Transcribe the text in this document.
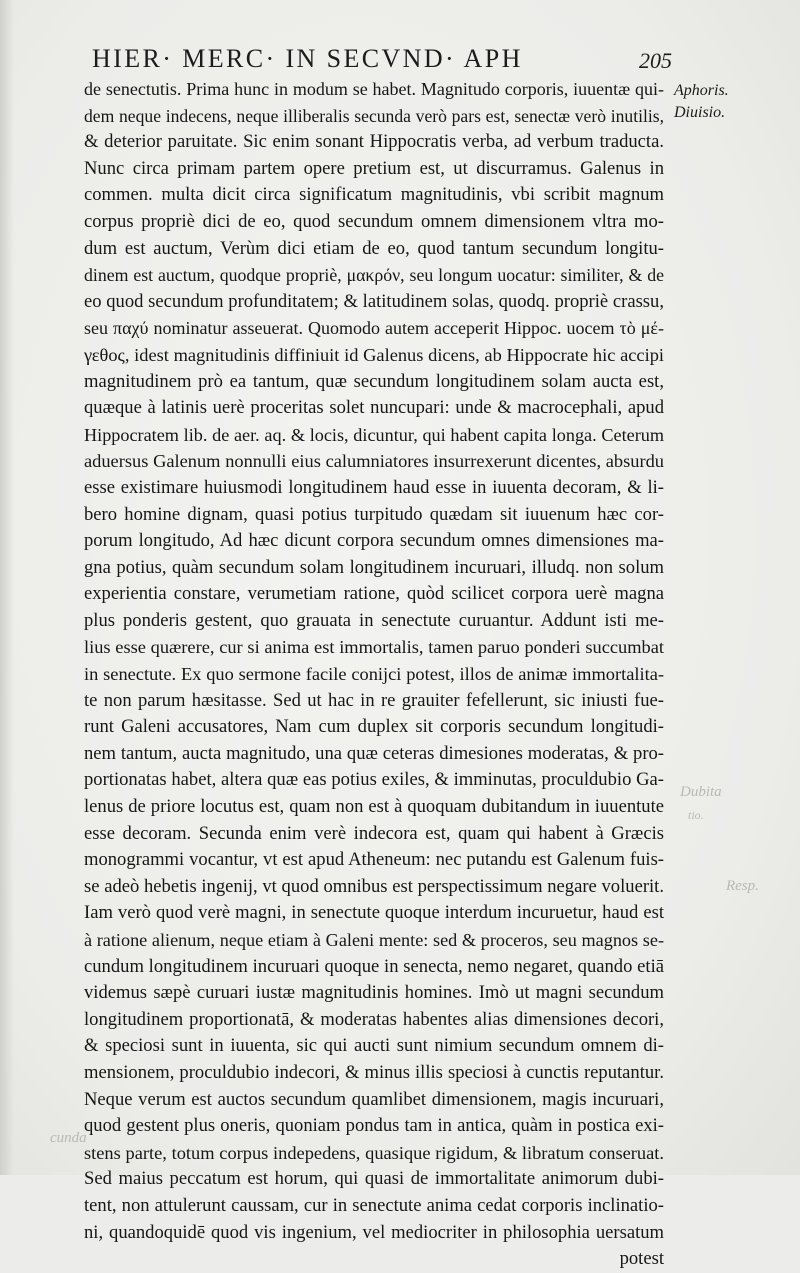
HIER· MERC· IN SECVND· APH	205
Aphoris.
Diuisio.
Dubita
tio.
Resp.
cunda
de senectutis. Prima hunc in modum se habet. Magnitudo corporis, iuuentæ qui-
dem neque indecens, neque illiberalis secunda verò pars est, senectæ verò inutilis,
& deterior paruitate. Sic enim sonant Hippocratis verba, ad verbum traducta.
Nunc circa primam partem opere pretium est, ut discurramus. Galenus in
commen. multa dicit circa significatum magnitudinis, vbi scribit magnum
corpus propriè dici de eo, quod secundum omnem dimensionem vltra mo-
dum est auctum, Verùm dici etiam de eo, quod tantum secundum longitu-
dinem est auctum, quodque propriè, μακρόν, seu longum uocatur: similiter, & de
eo quod secundum profunditatem; & latitudinem solas, quodq. propriè crassu,
seu παχύ nominatur asseuerat. Quomodo autem acceperit Hippoc. uocem τὸ μέ-
γεθος, idest magnitudinis diffiniuit id Galenus dicens, ab Hippocrate hic accipi
magnitudinem prò ea tantum, quæ secundum longitudinem solam aucta est,
quæque à latinis uerè proceritas solet nuncupari: unde & macrocephali, apud
Hippocratem lib. de aer. aq. & locis, dicuntur, qui habent capita longa. Ceterum
aduersus Galenum nonnulli eius calumniatores insurrexerunt dicentes, absurdu
esse existimare huiusmodi longitudinem haud esse in iuuenta decoram, & li-
bero homine dignam, quasi potius turpitudo quædam sit iuuenum hæc cor-
porum longitudo, Ad hæc dicunt corpora secundum omnes dimensiones ma-
gna potius, quàm secundum solam longitudinem incuruari, illudq. non solum
experientia constare, verumetiam ratione, quòd scilicet corpora uerè magna
plus ponderis gestent, quo grauata in senectute curuantur. Addunt isti me-
lius esse quærere, cur si anima est immortalis, tamen paruo ponderi succumbat
in senectute. Ex quo sermone facile conijci potest, illos de animæ immortalita-
te non parum hæsitasse. Sed ut hac in re grauiter fefellerunt, sic iniusti fue-
runt Galeni accusatores, Nam cum duplex sit corporis secundum longitudi-
nem tantum, aucta magnitudo, una quæ ceteras dimesiones moderatas, & pro-
portionatas habet, altera quæ eas potius exiles, & imminutas, proculdubio Ga-
lenus de priore locutus est, quam non est à quoquam dubitandum in iuuentute
esse decoram. Secunda enim verè indecora est, quam qui habent à Græcis
monogrammi vocantur, vt est apud Atheneum: nec putandu est Galenum fuis-
se adeò hebetis ingenij, vt quod omnibus est perspectissimum negare voluerit.
Iam verò quod verè magni, in senectute quoque interdum incuruetur, haud est
à ratione alienum, neque etiam à Galeni mente: sed & proceros, seu magnos se-
cundum longitudinem incuruari quoque in senecta, nemo negaret, quando etiā
videmus sæpè curuari iustæ magnitudinis homines. Imò ut magni secundum
longitudinem proportionatā, & moderatas habentes alias dimensiones decori,
& speciosi sunt in iuuenta, sic qui aucti sunt nimium secundum omnem di-
mensionem, proculdubio indecori, & minus illis speciosi à cunctis reputantur.
Neque verum est auctos secundum quamlibet dimensionem, magis incuruari,
quod gestent plus oneris, quoniam pondus tam in antica, quàm in postica exi-
stens parte, totum corpus indepedens, quasique rigidum, & libratum conseruat.
Sed maius peccatum est horum, qui quasi de immortalitate animorum dubi-
tent, non attulerunt caussam, cur in senectute anima cedat corporis inclinatio-
ni, quandoquidē quod vis ingenium, vel mediocriter in philosophia uersatum
potest
